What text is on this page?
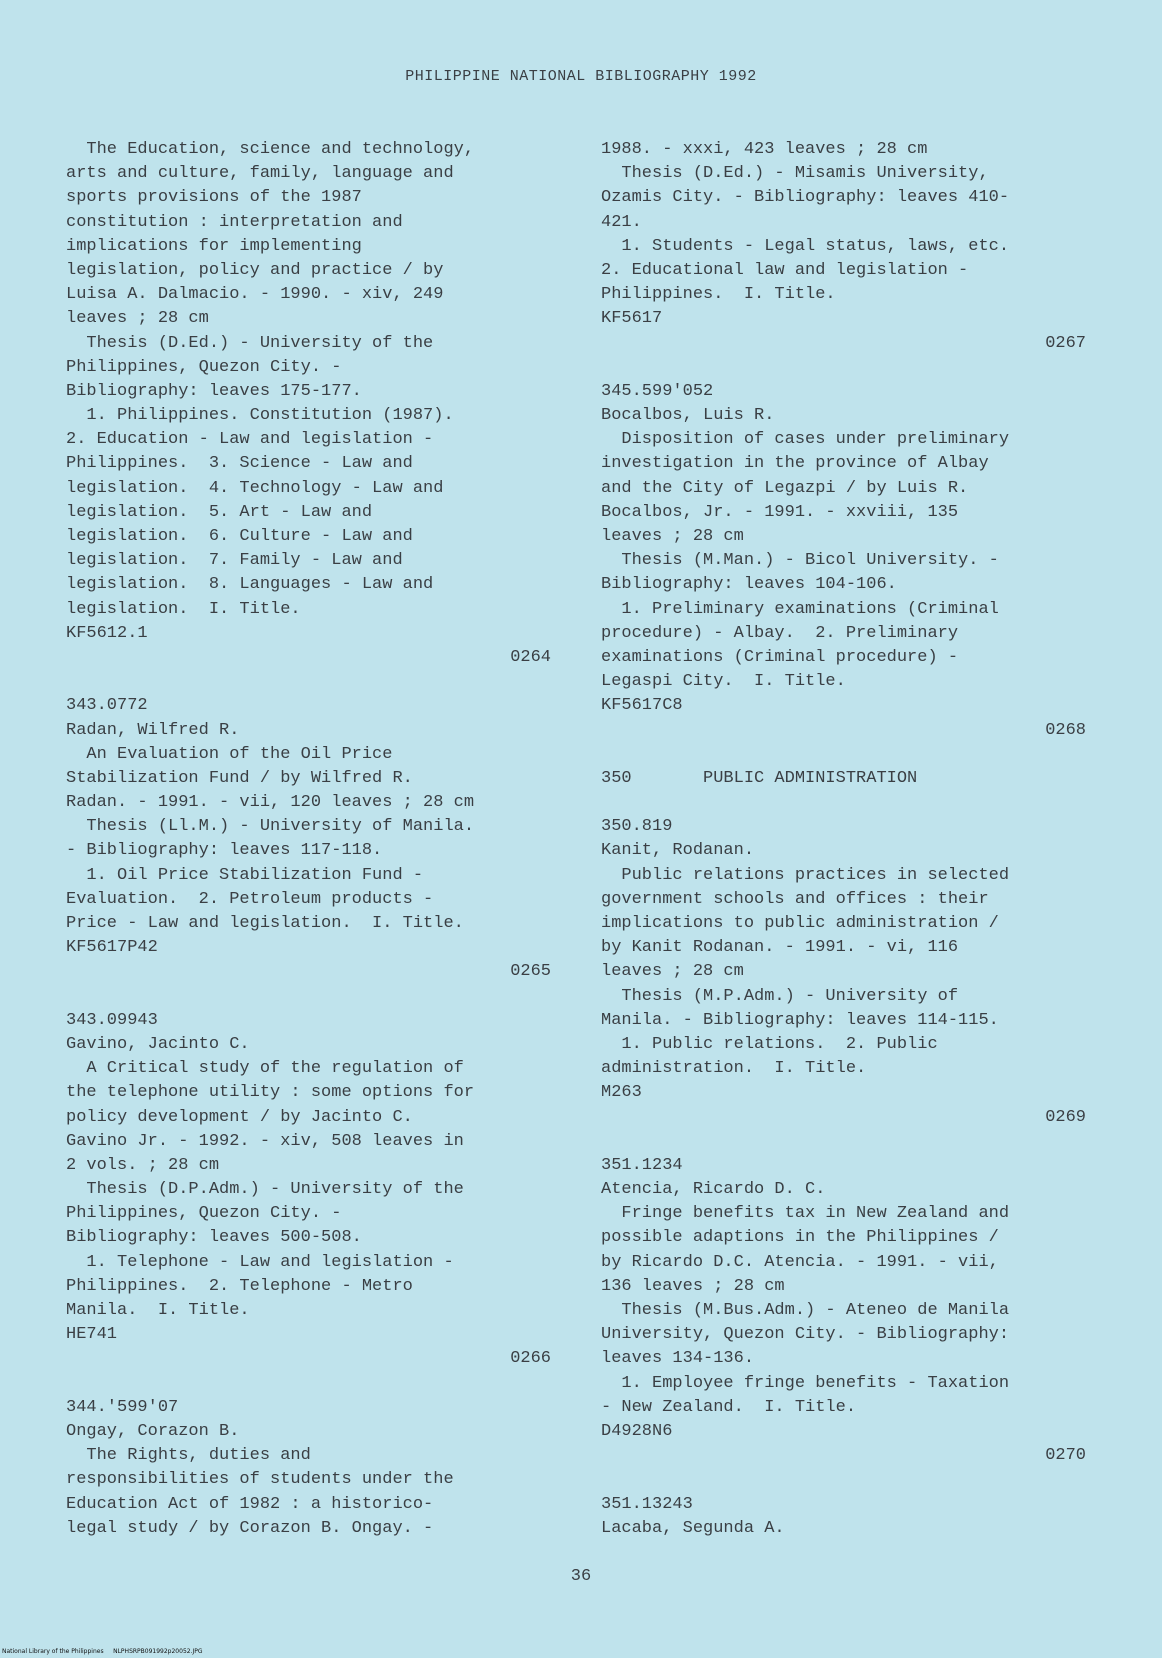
PHILIPPINE NATIONAL BIBLIOGRAPHY 1992
The Education, science and technology,
arts and culture, family, language and
sports provisions of the 1987
constitution : interpretation and
implications for implementing
legislation, policy and practice / by
Luisa A. Dalmacio. - 1990. - xiv, 249
leaves ; 28 cm
Thesis (D.Ed.) - University of the
Philippines, Quezon City. -
Bibliography: leaves 175-177.
1. Philippines. Constitution (1987).
2. Education - Law and legislation -
Philippines.  3. Science - Law and
legislation.  4. Technology - Law and
legislation.  5. Art - Law and
legislation.  6. Culture - Law and
legislation.  7. Family - Law and
legislation.  8. Languages - Law and
legislation.  I. Title.
KF5612.1
0264
343.0772
Radan, Wilfred R.
An Evaluation of the Oil Price
Stabilization Fund / by Wilfred R.
Radan. - 1991. - vii, 120 leaves ; 28 cm
Thesis (Ll.M.) - University of Manila.
- Bibliography: leaves 117-118.
1. Oil Price Stabilization Fund -
Evaluation.  2. Petroleum products -
Price - Law and legislation.  I. Title.
KF5617P42
0265
343.09943
Gavino, Jacinto C.
A Critical study of the regulation of
the telephone utility : some options for
policy development / by Jacinto C.
Gavino Jr. - 1992. - xiv, 508 leaves in
2 vols. ; 28 cm
Thesis (D.P.Adm.) - University of the
Philippines, Quezon City. -
Bibliography: leaves 500-508.
1. Telephone - Law and legislation -
Philippines.  2. Telephone - Metro
Manila.  I. Title.
HE741
0266
344.'599'07
Ongay, Corazon B.
The Rights, duties and
responsibilities of students under the
Education Act of 1982 : a historico-
legal study / by Corazon B. Ongay. -
1988. - xxxi, 423 leaves ; 28 cm
Thesis (D.Ed.) - Misamis University,
Ozamis City. - Bibliography: leaves 410-
421.
1. Students - Legal status, laws, etc.
2. Educational law and legislation -
Philippines.  I. Title.
KF5617
0267
345.599'052
Bocalbos, Luis R.
Disposition of cases under preliminary
investigation in the province of Albay
and the City of Legazpi / by Luis R.
Bocalbos, Jr. - 1991. - xxviii, 135
leaves ; 28 cm
Thesis (M.Man.) - Bicol University. -
Bibliography: leaves 104-106.
1. Preliminary examinations (Criminal
procedure) - Albay.  2. Preliminary
examinations (Criminal procedure) -
Legaspi City.  I. Title.
KF5617C8
0268
350       PUBLIC ADMINISTRATION
350.819
Kanit, Rodanan.
Public relations practices in selected
government schools and offices : their
implications to public administration /
by Kanit Rodanan. - 1991. - vi, 116
leaves ; 28 cm
Thesis (M.P.Adm.) - University of
Manila. - Bibliography: leaves 114-115.
1. Public relations.  2. Public
administration.  I. Title.
M263
0269
351.1234
Atencia, Ricardo D. C.
Fringe benefits tax in New Zealand and
possible adaptions in the Philippines /
by Ricardo D.C. Atencia. - 1991. - vii,
136 leaves ; 28 cm
Thesis (M.Bus.Adm.) - Ateneo de Manila
University, Quezon City. - Bibliography:
leaves 134-136.
1. Employee fringe benefits - Taxation
- New Zealand.  I. Title.
D4928N6
0270
351.13243
Lacaba, Segunda A.
36
National Library of the Philippines     NLPHSRPB091992p20052.JPG
